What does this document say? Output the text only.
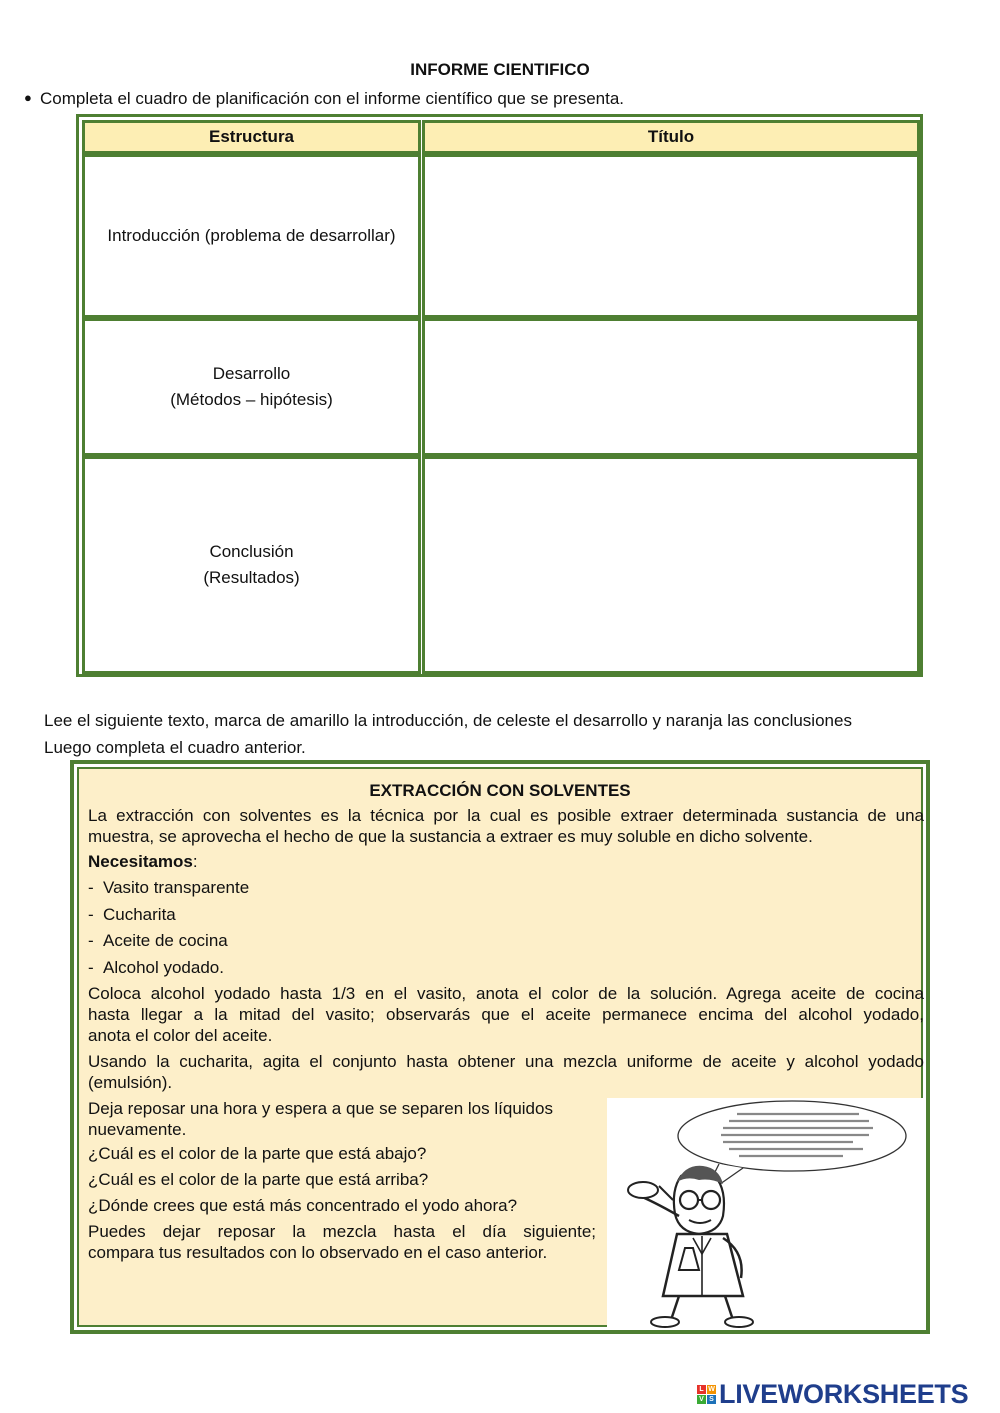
INFORME CIENTIFICO
● Completa el cuadro de planificación con el informe científico que se presenta.
Estructura	Título
Introducción (problema de desarrollar)
Desarrollo
(Métodos – hipótesis)
Conclusión
(Resultados)
Lee el siguiente texto, marca de amarillo la introducción, de celeste el desarrollo y naranja las conclusiones
Luego completa el cuadro anterior.
EXTRACCIÓN CON SOLVENTES
La extracción con solventes es la técnica por la cual es posible extraer determinada sustancia de una
muestra, se aprovecha el hecho de que la sustancia a extraer es muy soluble en dicho solvente.
Necesitamos:
- Vasito transparente
- Cucharita
- Aceite de cocina
- Alcohol yodado.
Coloca alcohol yodado hasta 1/3 en el vasito, anota el color de la solución. Agrega aceite de cocina
hasta llegar a la mitad del vasito; observarás que el aceite permanece encima del alcohol yodado,
anota el color del aceite.
Usando la cucharita, agita el conjunto hasta obtener una mezcla uniforme de aceite y alcohol yodado
(emulsión).
Deja reposar una hora y espera a que se separen los líquidos
nuevamente.
¿Cuál es el color de la parte que está abajo?
¿Cuál es el color de la parte que está arriba?
¿Dónde crees que está más concentrado el yodo ahora?
Puedes dejar reposar la mezcla hasta el día siguiente;
compara tus resultados con lo observado en el caso anterior.
L W
V S LIVEWORKSHEETS
